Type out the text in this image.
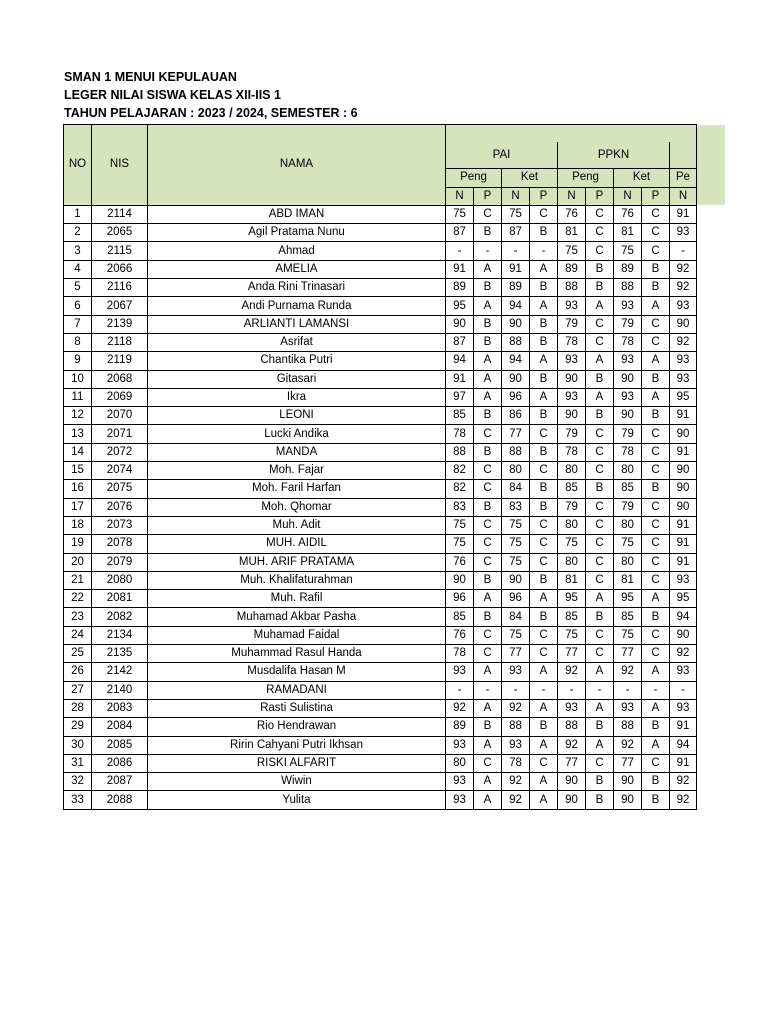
SMAN 1 MENUI KEPULAUAN
LEGER NILAI SISWA KELAS XII-IIS 1
TAHUN PELAJARAN : 2023 / 2024, SEMESTER : 6
NO	NIS	NAMA									
			PAI				PPKN				
			Peng		Ket		Peng		Ket		Pe
			N	P	N	P	N	P	N	P	N
1	2114	ABD IMAN	75	C	75	C	76	C	76	C	91
2	2065	Agil Pratama Nunu	87	B	87	B	81	C	81	C	93
3	2115	Ahmad	-	-	-	-	75	C	75	C	-
4	2066	AMELIA	91	A	91	A	89	B	89	B	92
5	2116	Anda Rini Trinasari	89	B	89	B	88	B	88	B	92
6	2067	Andi Purnama Runda	95	A	94	A	93	A	93	A	93
7	2139	ARLIANTI LAMANSI	90	B	90	B	79	C	79	C	90
8	2118	Asrifat	87	B	88	B	78	C	78	C	92
9	2119	Chantika Putri	94	A	94	A	93	A	93	A	93
10	2068	Gitasari	91	A	90	B	90	B	90	B	93
11	2069	Ikra	97	A	96	A	93	A	93	A	95
12	2070	LEONI	85	B	86	B	90	B	90	B	91
13	2071	Lucki Andika	78	C	77	C	79	C	79	C	90
14	2072	MANDA	88	B	88	B	78	C	78	C	91
15	2074	Moh. Fajar	82	C	80	C	80	C	80	C	90
16	2075	Moh. Faril Harfan	82	C	84	B	85	B	85	B	90
17	2076	Moh. Qhomar	83	B	83	B	79	C	79	C	90
18	2073	Muh. Adit	75	C	75	C	80	C	80	C	91
19	2078	MUH. AIDIL	75	C	75	C	75	C	75	C	91
20	2079	MUH. ARIF PRATAMA	76	C	75	C	80	C	80	C	91
21	2080	Muh. Khalifaturahman	90	B	90	B	81	C	81	C	93
22	2081	Muh. Rafil	96	A	96	A	95	A	95	A	95
23	2082	Muhamad Akbar Pasha	85	B	84	B	85	B	85	B	94
24	2134	Muhamad Faidal	76	C	75	C	75	C	75	C	90
25	2135	Muhammad Rasul Handa	78	C	77	C	77	C	77	C	92
26	2142	Musdalifa Hasan M	93	A	93	A	92	A	92	A	93
27	2140	RAMADANI	-	-	-	-	-	-	-	-	-
28	2083	Rasti Sulistina	92	A	92	A	93	A	93	A	93
29	2084	Rio Hendrawan	89	B	88	B	88	B	88	B	91
30	2085	Ririn Cahyani Putri Ikhsan	93	A	93	A	92	A	92	A	94
31	2086	RISKI ALFARIT	80	C	78	C	77	C	77	C	91
32	2087	Wiwin	93	A	92	A	90	B	90	B	92
33	2088	Yulita	93	A	92	A	90	B	90	B	92
